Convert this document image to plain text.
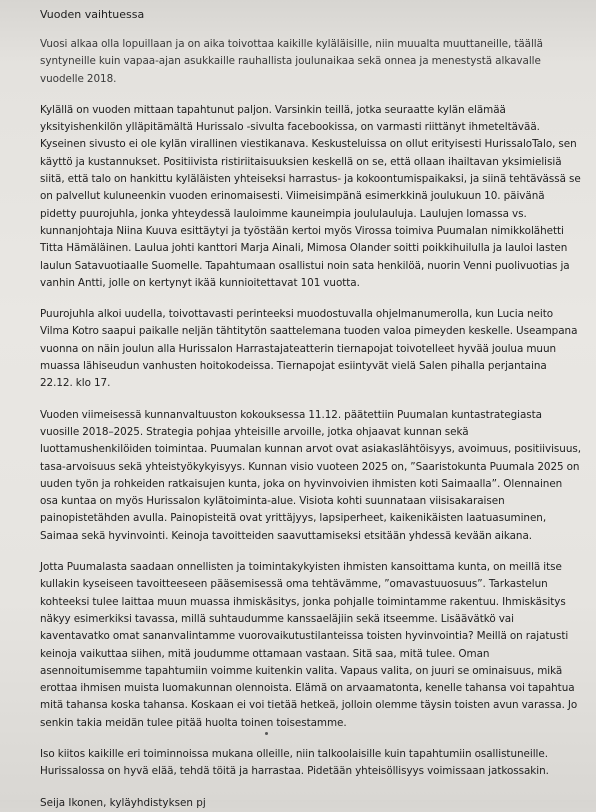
Vuoden vaihtuessa

Vuosi alkaa olla lopuillaan ja on aika toivottaa kaikille kyläläisille, niin muualta muuttaneille, täällä syntyneille kuin vapaa-ajan asukkaille rauhallista joulunaikaa sekä onnea ja menestystä alkavalle vuodelle 2018.

Kylällä on vuoden mittaan tapahtunut paljon. Varsinkin teillä, jotka seuraatte kylän elämää yksityishenkilön ylläpitämältä Hurissalo -sivulta facebookissa, on varmasti riittänyt ihmeteltävää. Kyseinen sivusto ei ole kylän virallinen viestikanava. Keskusteluissa on ollut erityisesti HurissaloTalo, sen käyttö ja kustannukset. Positiivista ristiriitaisuuksien keskellä on se, että ollaan ihailtavan yksimielisiä siitä, että talo on hankittu kyläläisten yhteiseksi harrastus- ja kokoontumispaikaksi, ja siinä tehtävässä se on palvellut kuluneenkin vuoden erinomaisesti. Viimeisimpänä esimerkkinä joulukuun 10. päivänä pidetty puurojuhla, jonka yhteydessä lauloimme kauneimpia joululauluja. Laulujen lomassa vs. kunnanjohtaja Niina Kuuva esittäytyi ja työstään kertoi myös Virossa toimiva Puumalan nimikkolähetti Titta Hämäläinen. Laulua johti kanttori Marja Ainali, Mimosa Olander soitti poikkihuilulla ja lauloi lasten laulun Satavuotiaalle Suomelle. Tapahtumaan osallistui noin sata henkilöä, nuorin Venni puolivuotias ja vanhin Antti, jolle on kertynyt ikää kunnioitettavat 101 vuotta.

Puurojuhla alkoi uudella, toivottavasti perinteeksi muodostuvalla ohjelmanumerolla, kun Lucia neito Vilma Kotro saapui paikalle neljän tähtitytön saattelemana tuoden valoa pimeyden keskelle. Useampana vuonna on näin joulun alla Hurissalon Harrastajateatterin tiernapojat toivotelleet hyvää joulua muun muassa lähiseudun vanhusten hoitokodeissa. Tiernapojat esiintyvät vielä Salen pihalla perjantaina 22.12. klo 17.

Vuoden viimeisessä kunnanvaltuuston kokouksessa 11.12. päätettiin Puumalan kuntastrategiasta vuosille 2018–2025. Strategia pohjaa yhteisille arvoille, jotka ohjaavat kunnan sekä luottamushenkilöiden toimintaa. Puumalan kunnan arvot ovat asiakaslähtöisyys, avoimuus, positiivisuus, tasa-arvoisuus sekä yhteistyökykyisyys. Kunnan visio vuoteen 2025 on, ”Saaristokunta Puumala 2025 on uuden työn ja rohkeiden ratkaisujen kunta, joka on hyvinvoivien ihmisten koti Saimaalla”. Olennainen osa kuntaa on myös Hurissalon kylätoiminta-alue. Visiota kohti suunnataan viisisakaraisen painopistetähden avulla. Painopisteitä ovat yrittäjyys, lapsiperheet, kaikenikäisten laatuasuminen, Saimaa sekä hyvinvointi. Keinoja tavoitteiden saavuttamiseksi etsitään yhdessä kevään aikana.

Jotta Puumalasta saadaan onnellisten ja toimintakykyisten ihmisten kansoittama kunta, on meillä itse kullakin kyseiseen tavoitteeseen pääsemisessä oma tehtävämme, ”omavastuuosuus”. Tarkastelun kohteeksi tulee laittaa muun muassa ihmiskäsitys, jonka pohjalle toimintamme rakentuu. Ihmiskäsitys näkyy esimerkiksi tavassa, millä suhtaudumme kanssaeläjiin sekä itseemme. Lisäävätkö vai kaventavatko omat sananvalintamme vuorovaikutustilanteissa toisten hyvinvointia? Meillä on rajatusti keinoja vaikuttaa siihen, mitä joudumme ottamaan vastaan. Sitä saa, mitä tulee. Oman asennoitumisemme tapahtumiin voimme kuitenkin valita. Vapaus valita, on juuri se ominaisuus, mikä erottaa ihmisen muista luomakunnan olennoista. Elämä on arvaamatonta, kenelle tahansa voi tapahtua mitä tahansa koska tahansa. Koskaan ei voi tietää hetkeä, jolloin olemme täysin toisten avun varassa. Jo senkin takia meidän tulee pitää huolta toinen toisestamme.

Iso kiitos kaikille eri toiminnoissa mukana olleille, niin talkoolaisille kuin tapahtumiin osallistuneille. Hurissalossa on hyvä elää, tehdä töitä ja harrastaa. Pidetään yhteisöllisyys voimissaan jatkossakin.

Seija Ikonen, kyläyhdistyksen pj
